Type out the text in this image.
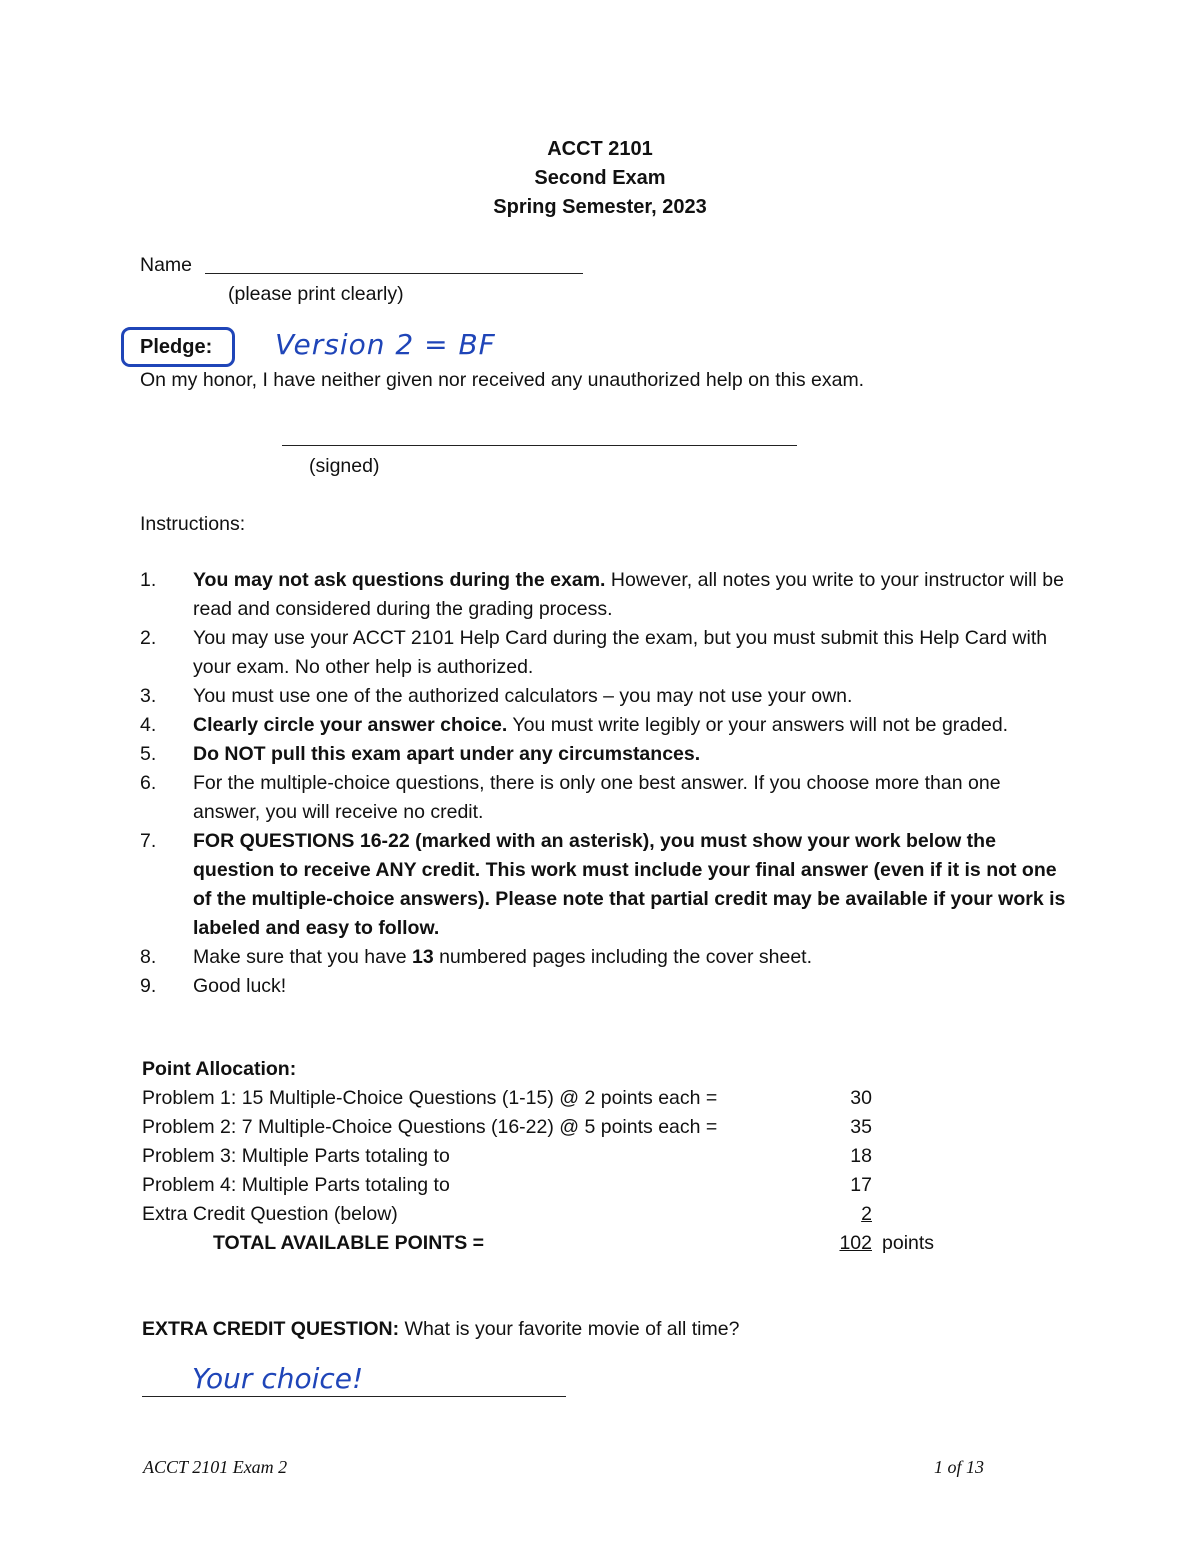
ACCT 2101
Second Exam
Spring Semester, 2023
Name
(please print clearly)
Pledge: Version 2 = BF
On my honor, I have neither given nor received any unauthorized help on this exam.
(signed)
Instructions:
1. You may not ask questions during the exam. However, all notes you write to your instructor will be read and considered during the grading process.
2. You may use your ACCT 2101 Help Card during the exam, but you must submit this Help Card with your exam. No other help is authorized.
3. You must use one of the authorized calculators – you may not use your own.
4. Clearly circle your answer choice. You must write legibly or your answers will not be graded.
5. Do NOT pull this exam apart under any circumstances.
6. For the multiple-choice questions, there is only one best answer. If you choose more than one answer, you will receive no credit.
7. FOR QUESTIONS 16-22 (marked with an asterisk), you must show your work below the question to receive ANY credit. This work must include your final answer (even if it is not one of the multiple-choice answers). Please note that partial credit may be available if your work is labeled and easy to follow.
8. Make sure that you have 13 numbered pages including the cover sheet.
9. Good luck!
Point Allocation:
Problem 1: 15 Multiple-Choice Questions (1-15) @ 2 points each =	30
Problem 2: 7 Multiple-Choice Questions (16-22) @ 5 points each =	35
Problem 3: Multiple Parts totaling to	18
Problem 4: Multiple Parts totaling to	17
Extra Credit Question (below)	2
TOTAL AVAILABLE POINTS =	102 points
EXTRA CREDIT QUESTION: What is your favorite movie of all time?
Your choice!
ACCT 2101 Exam 2	1 of 13
